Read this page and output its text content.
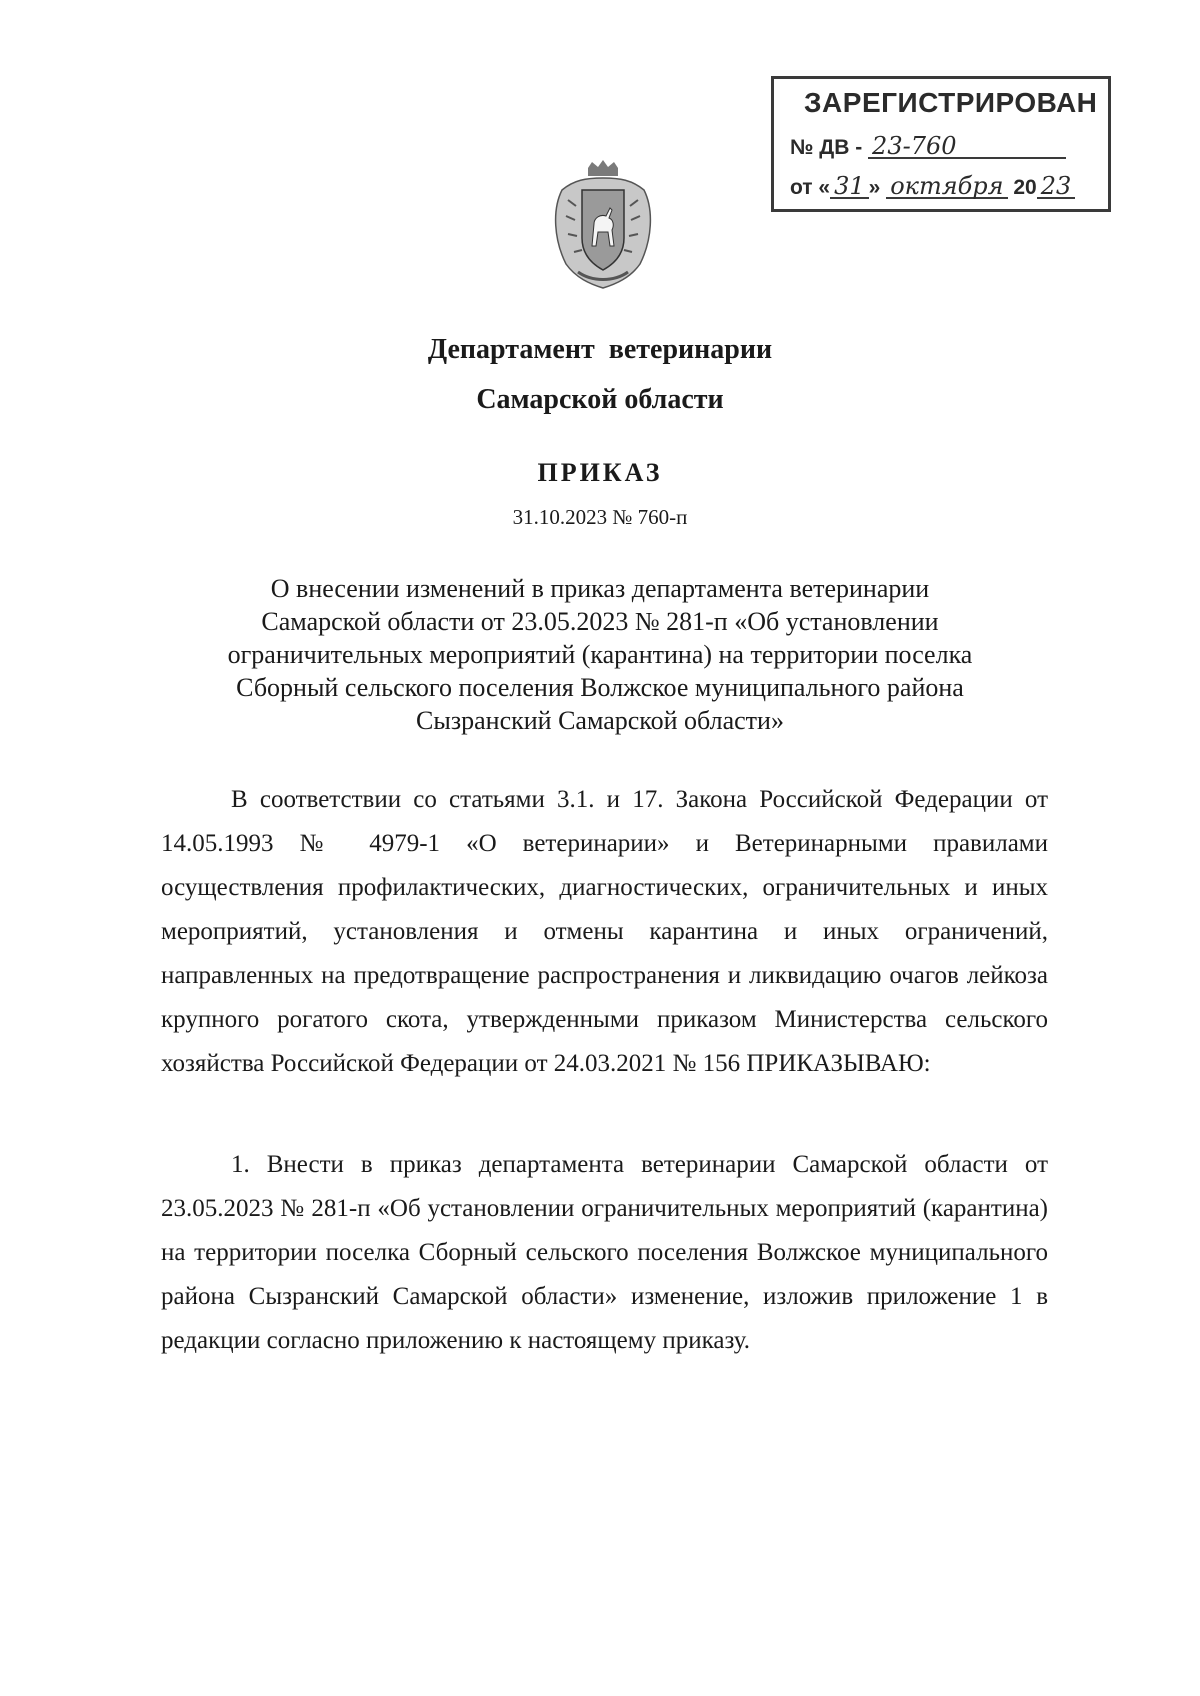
ЗАРЕГИСТРИРОВАН
№ ДВ - 23-760
от « 31 » октября 20 23
Департамент  ветеринарии
Самарской области
ПРИКАЗ
31.10.2023 № 760-п
О внесении изменений в приказ департамента ветеринарии
Самарской области от 23.05.2023 № 281-п «Об установлении
ограничительных мероприятий (карантина) на территории поселка
Сборный сельского поселения Волжское муниципального района
Сызранский Самарской области»

В соответствии со статьями 3.1. и 17. Закона Российской Федерации от 14.05.1993 № 4979-1 «О ветеринарии» и Ветеринарными правилами осуществления профилактических, диагностических, ограничительных и иных мероприятий, установления и отмены карантина и иных ограничений, направленных на предотвращение распространения и ликвидацию очагов лейкоза крупного рогатого скота, утвержденными приказом Министерства сельского хозяйства Российской Федерации от 24.03.2021 № 156 ПРИКАЗЫВАЮ:

1. Внести в приказ департамента ветеринарии Самарской области от 23.05.2023 № 281-п «Об установлении ограничительных мероприятий (карантина) на территории поселка Сборный сельского поселения Волжское муниципального района Сызранский Самарской области» изменение, изложив приложение 1 в редакции согласно приложению к настоящему приказу.
